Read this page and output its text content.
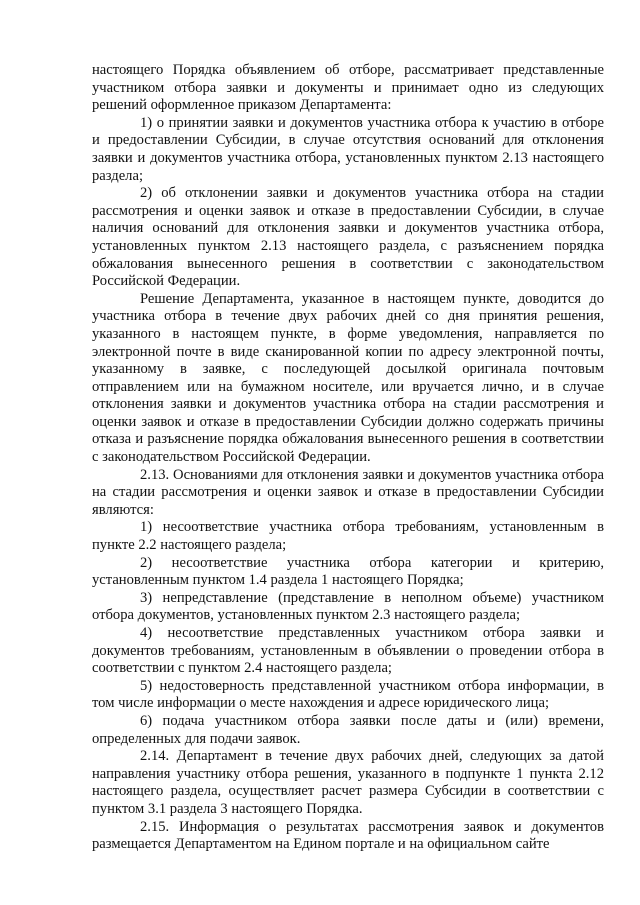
настоящего Порядка объявлением об отборе, рассматривает представленные участником отбора заявки и документы и принимает одно из следующих решений оформленное приказом Департамента:

1) о принятии заявки и документов участника отбора к участию в отборе и предоставлении Субсидии, в случае отсутствия оснований для отклонения заявки и документов участника отбора, установленных пунктом 2.13 настоящего раздела;

2) об отклонении заявки и документов участника отбора на стадии рассмотрения и оценки заявок и отказе в предоставлении Субсидии, в случае наличия оснований для отклонения заявки и документов участника отбора, установленных пунктом 2.13 настоящего раздела, с разъяснением порядка обжалования вынесенного решения в соответствии с законодательством Российской Федерации.

Решение Департамента, указанное в настоящем пункте, доводится до участника отбора в течение двух рабочих дней со дня принятия решения, указанного в настоящем пункте, в форме уведомления, направляется по электронной почте в виде сканированной копии по адресу электронной почты, указанному в заявке, с последующей досылкой оригинала почтовым отправлением или на бумажном носителе, или вручается лично, и в случае отклонения заявки и документов участника отбора на стадии рассмотрения и оценки заявок и отказе в предоставлении Субсидии должно содержать причины отказа и разъяснение порядка обжалования вынесенного решения в соответствии с законодательством Российской Федерации.

2.13. Основаниями для отклонения заявки и документов участника отбора на стадии рассмотрения и оценки заявок и отказе в предоставлении Субсидии являются:

1) несоответствие участника отбора требованиям, установленным в пункте 2.2 настоящего раздела;

2) несоответствие участника отбора категории и критерию, установленным пунктом 1.4 раздела 1 настоящего Порядка;

3) непредставление (представление в неполном объеме) участником отбора документов, установленных пунктом 2.3 настоящего раздела;

4) несоответствие представленных участником отбора заявки и документов требованиям, установленным в объявлении о проведении отбора в соответствии с пунктом 2.4 настоящего раздела;

5) недостоверность представленной участником отбора информации, в том числе информации о месте нахождения и адресе юридического лица;

6) подача участником отбора заявки после даты и (или) времени, определенных для подачи заявок.

2.14. Департамент в течение двух рабочих дней, следующих за датой направления участнику отбора решения, указанного в подпункте 1 пункта 2.12 настоящего раздела, осуществляет расчет размера Субсидии в соответствии с пунктом 3.1 раздела 3 настоящего Порядка.

2.15. Информация о результатах рассмотрения заявок и документов размещается Департаментом на Едином портале и на официальном сайте
